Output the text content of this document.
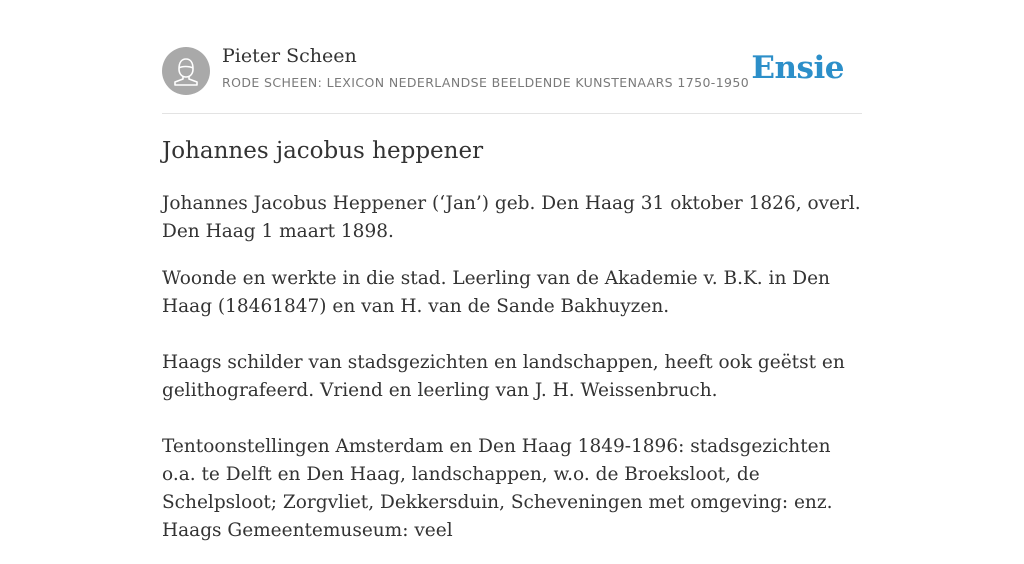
Pieter Scheen
RODE SCHEEN: LEXICON NEDERLANDSE BEELDENDE KUNSTENAARS 1750-1950 Ensie
Johannes jacobus heppener

Johannes Jacobus Heppener (‘Jan’) geb. Den Haag 31 oktober 1826, overl. Den Haag 1 maart 1898.

Woonde en werkte in die stad. Leerling van de Akademie v. B.K. in Den Haag (18461847) en van H. van de Sande Bakhuyzen.

Haags schilder van stadsgezichten en landschappen, heeft ook geëtst en gelithografeerd. Vriend en leerling van J. H. Weissenbruch.

Tentoonstellingen Amsterdam en Den Haag 1849-1896: stadsgezichten o.a. te Delft en Den Haag, landschappen, w.o. de Broeksloot, de Schelpsloot; Zorgvliet, Dekkersduin, Scheveningen met omgeving: enz. Haags Gemeentemuseum: veel
